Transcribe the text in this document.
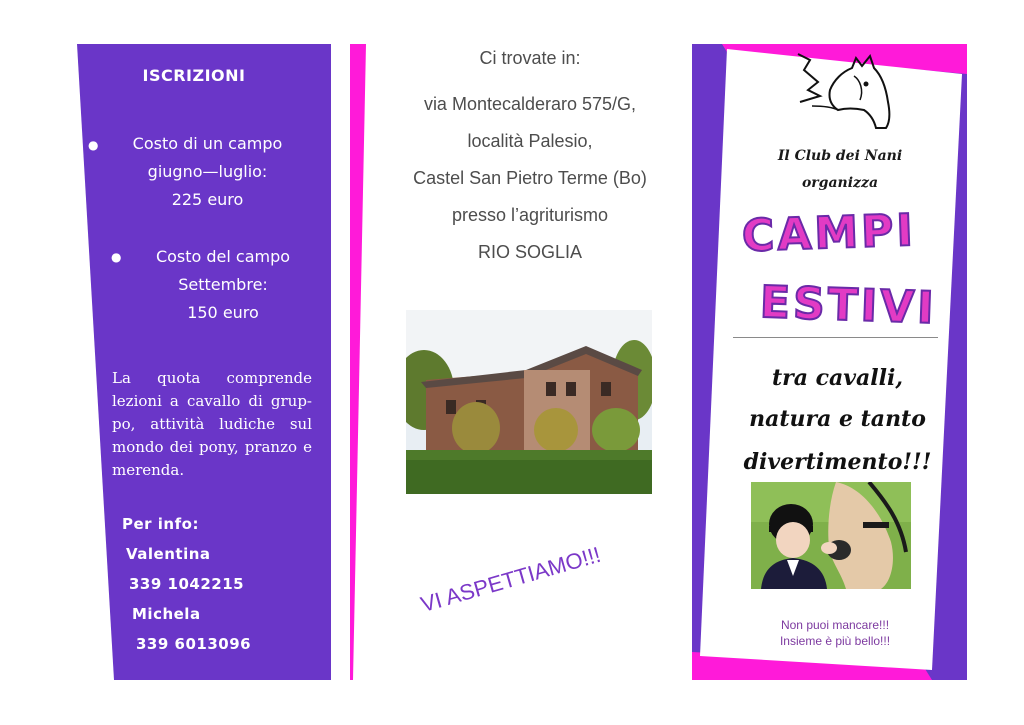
ISCRIZIONI
●	Costo di un campo
giugno—luglio:
225 euro
●	Costo del campo
Settembre:
150 euro
La quota comprende lezioni a cavallo di grup-po, attività ludiche sul mondo dei pony, pranzo e merenda.
Per info:
Valentina
339 1042215
Michela
339 6013096
Ci trovate in:
via Montecalderaro 575/G,
località Palesio,
Castel San Pietro Terme (Bo)
presso l’agriturismo
RIO SOGLIA
VI ASPETTIAMO!!!
Il Club dei Nani
organizza
CAMPI
ESTIVI
tra cavalli,
natura e tanto
divertimento!!!
Non puoi mancare!!!
Insieme è più bello!!!
